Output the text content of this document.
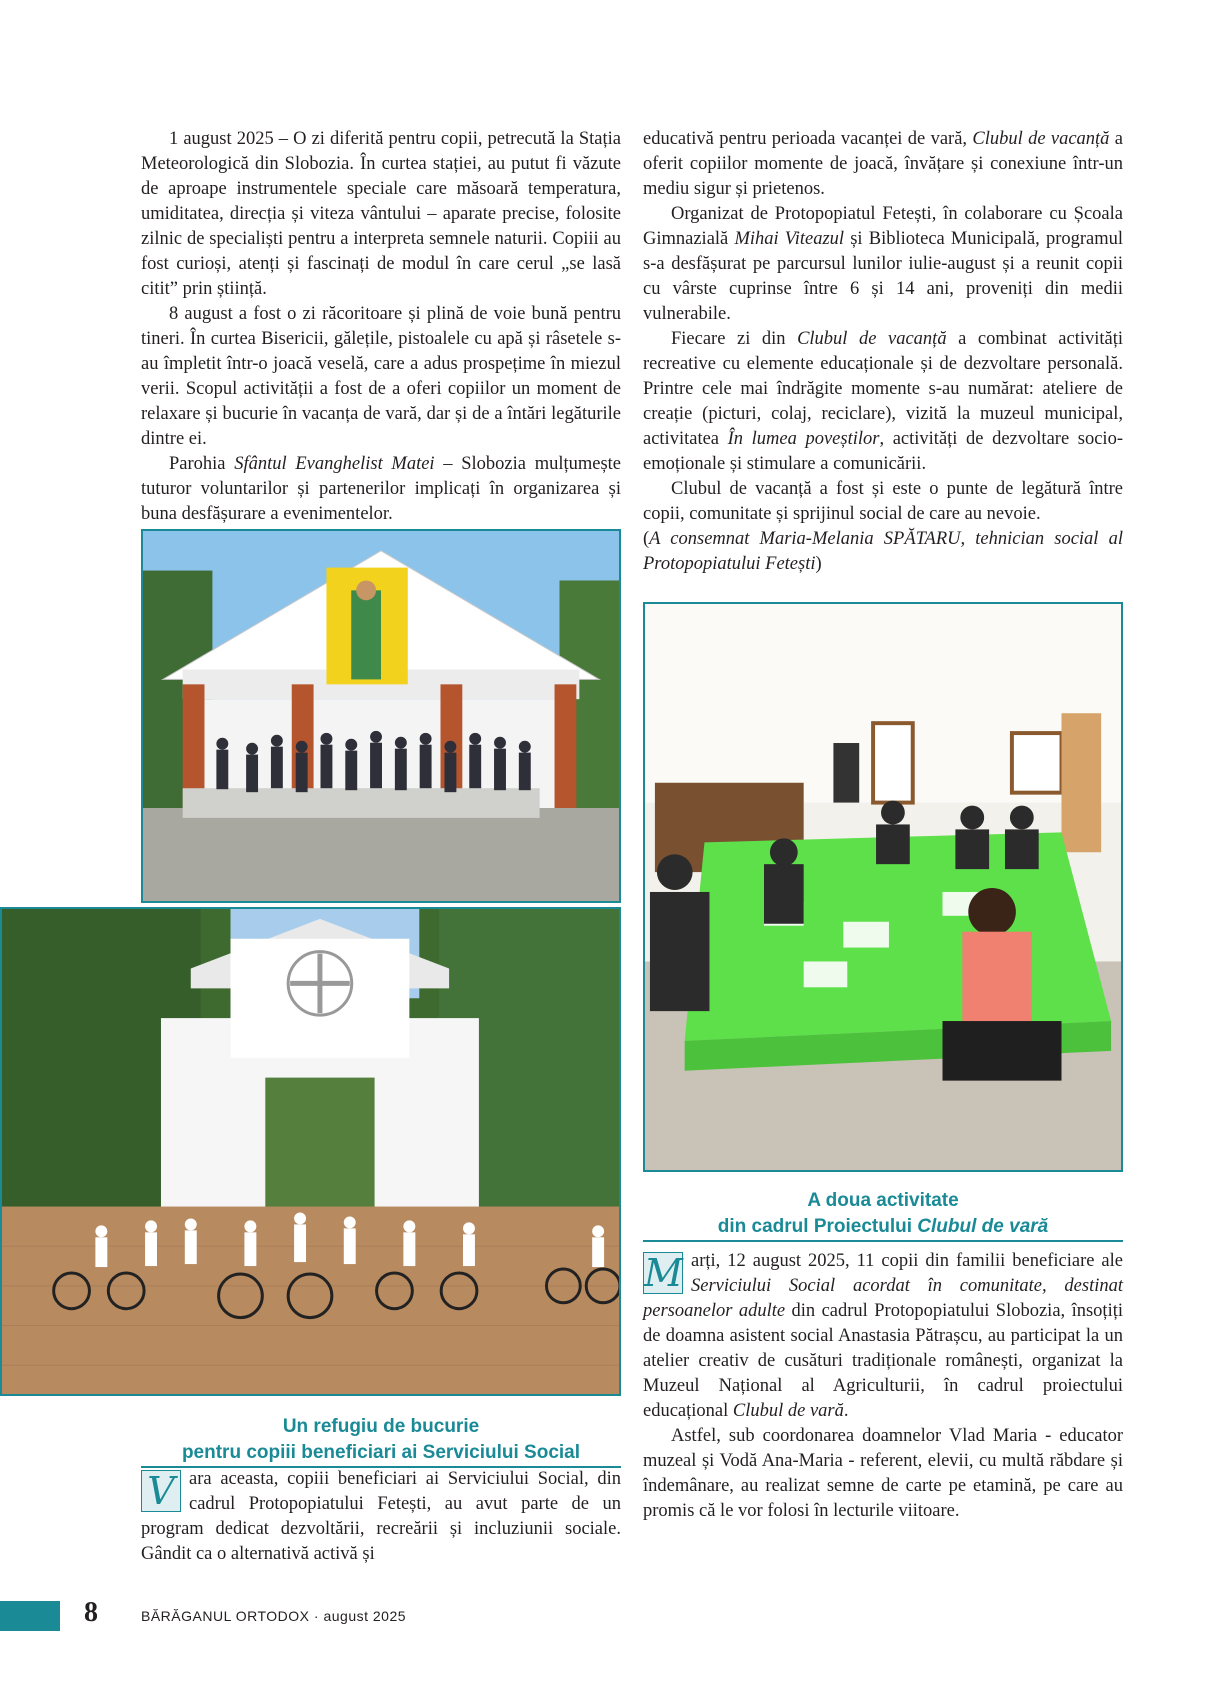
1 august 2025 – O zi diferită pentru copii, petrecută la Stația Meteorologică din Slobozia. În curtea stației, au putut fi văzute de aproape instrumentele speciale care măsoară temperatura, umiditatea, direcția și viteza vântului – aparate precise, folosite zilnic de specialiști pentru a interpreta semnele naturii. Copiii au fost curioși, atenți și fascinați de modul în care cerul „se lasă citit” prin știință.

8 august a fost o zi răcoritoare și plină de voie bună pentru tineri. În curtea Bisericii, gălețile, pistoalele cu apă și râsetele s-au împletit într-o joacă veselă, care a adus prospețime în miezul verii. Scopul activității a fost de a oferi copiilor un moment de relaxare și bucurie în vacanța de vară, dar și de a întări legăturile dintre ei.

Parohia Sfântul Evanghelist Matei – Slobozia mulțumește tuturor voluntarilor și partenerilor implicați în organizarea și buna desfășurare a evenimentelor.

educativă pentru perioada vacanței de vară, Clubul de vacanță a oferit copiilor momente de joacă, învățare și conexiune într-un mediu sigur și prietenos.

Organizat de Protopopiatul Fetești, în colaborare cu Școala Gimnazială Mihai Viteazul și Biblioteca Municipală, programul s-a desfășurat pe parcursul lunilor iulie-august și a reunit copii cu vârste cuprinse între 6 și 14 ani, proveniți din medii vulnerabile.

Fiecare zi din Clubul de vacanță a combinat activități recreative cu elemente educaționale și de dezvoltare personală. Printre cele mai îndrăgite momente s-au numărat: ateliere de creație (picturi, colaj, reciclare), vizită la muzeul municipal, activitatea În lumea poveștilor, activități de dezvoltare socio-emoționale și stimulare a comunicării.

Clubul de vacanță a fost și este o punte de legătură între copii, comunitate și sprijinul social de care au nevoie.

(A consemnat Maria-Melania SPĂTARU, tehnician social al Protopopiatului Fetești)

A doua activitate
din cadrul Proiectului Clubul de vară

M arți, 12 august 2025, 11 copii din familii beneficiare ale Serviciului Social acordat în comunitate, destinat persoanelor adulte din cadrul Protopopiatului Slobozia, însoțiți de doamna asistent social Anastasia Pătrașcu, au participat la un atelier creativ de cusături tradiționale românești, organizat la Muzeul Național al Agriculturii, în cadrul proiectului educațional Clubul de vară.

Astfel, sub coordonarea doamnelor Vlad Maria - educator muzeal și Vodă Ana-Maria - referent, elevii, cu multă răbdare și îndemânare, au realizat semne de carte pe etamină, pe care au promis că le vor folosi în lecturile viitoare.

Un refugiu de bucurie
pentru copiii beneficiari ai Serviciului Social

V ara aceasta, copiii beneficiari ai Serviciului Social, din cadrul Protopopiatului Fetești, au avut parte de un program dedicat dezvoltării, recreării și incluziunii sociale. Gândit ca o alternativă activă și

8	BĂRĂGANUL ORTODOX · august 2025
